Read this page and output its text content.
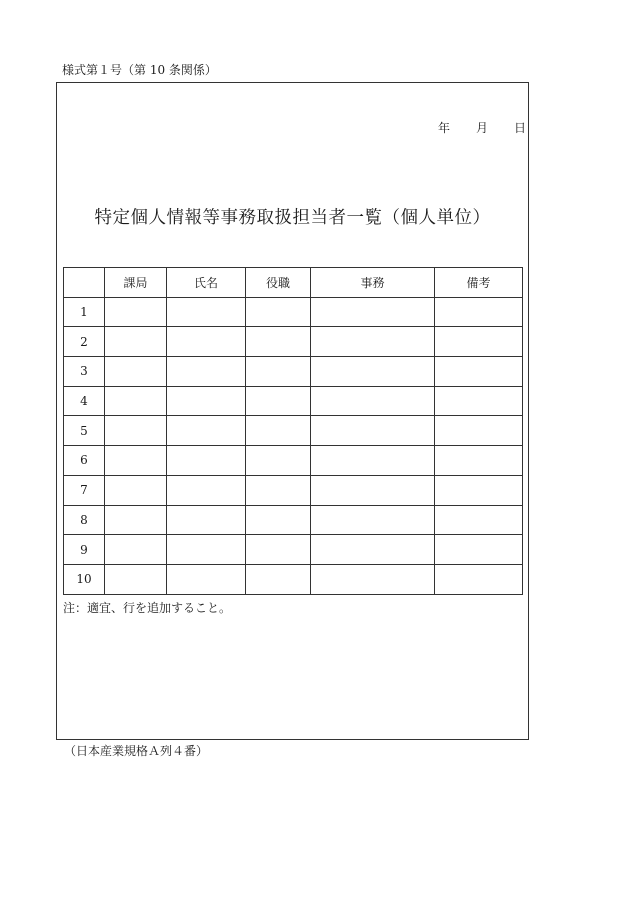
様式第１号（第 10 条関係）
年 月 日
特定個人情報等事務取扱担当者一覧（個人単位）
	課局	氏名	役職	事務	備考
1					
2					
3					
4					
5					
6					
7					
8					
9					
10					
注：適宜、行を追加すること。
（日本産業規格Ａ列４番）
